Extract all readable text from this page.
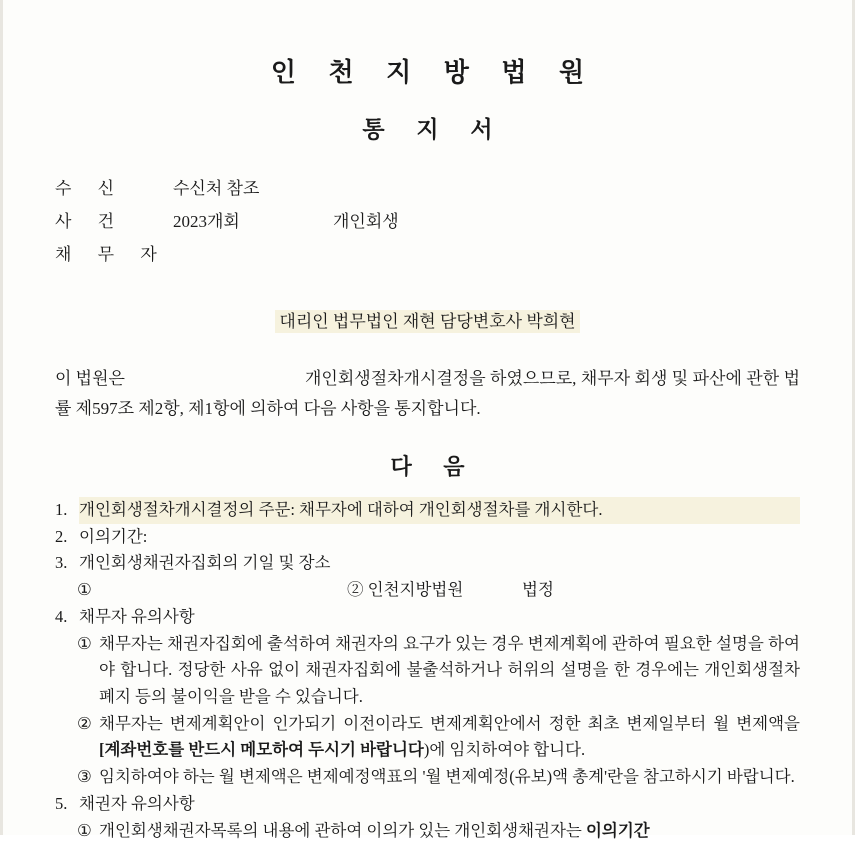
인 천 지 방 법 원
통 지 서
수 신	수신처 참조
사 건	2023개회	개인회생
채 무 자
대리인 법무법인 재현 담당변호사 박희현
이 법원은	개인회생절차개시결정을 하였으므로, 채무자 회생 및 파산에 관한 법률 제597조 제2항, 제1항에 의하여 다음 사항을 통지합니다.
다 음
1. 개인회생절차개시결정의 주문: 채무자에 대하여 개인회생절차를 개시한다.
2. 이의기간:
3. 개인회생채권자집회의 기일 및 장소
①	② 인천지방법원	법정
4. 채무자 유의사항
① 채무자는 채권자집회에 출석하여 채권자의 요구가 있는 경우 변제계획에 관하여 필요한 설명을 하여야 합니다. 정당한 사유 없이 채권자집회에 불출석하거나 허위의 설명을 한 경우에는 개인회생절차폐지 등의 불이익을 받을 수 있습니다.
② 채무자는 변제계획안이 인가되기 이전이라도 변제계획안에서 정한 최초 변제일부터 월 변제액을 [계좌번호를 반드시 메모하여 두시기 바랍니다)에 임치하여야 합니다.
③ 임치하여야 하는 월 변제액은 변제예정액표의 '월 변제예정(유보)액 총계'란을 참고하시기 바랍니다.
5. 채권자 유의사항
① 개인회생채권자목록의 내용에 관하여 이의가 있는 개인회생채권자는 이의기간
